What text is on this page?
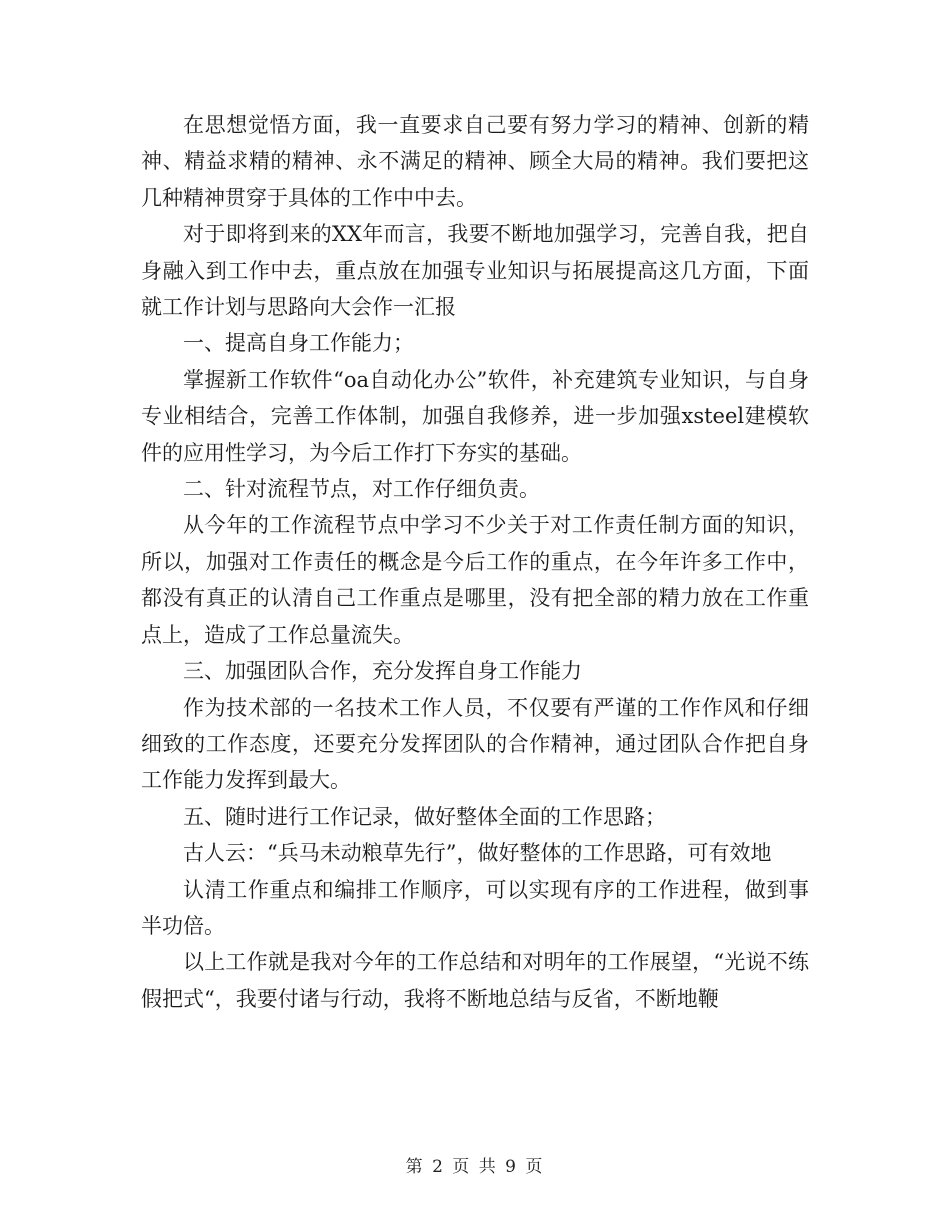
在思想觉悟方面，我一直要求自己要有努力学习的精神、创新的精神、精益求精的精神、永不满足的精神、顾全大局的精神。我们要把这几种精神贯穿于具体的工作中中去。

对于即将到来的XX年而言，我要不断地加强学习，完善自我，把自身融入到工作中去，重点放在加强专业知识与拓展提高这几方面，下面就工作计划与思路向大会作一汇报

一、提高自身工作能力；

掌握新工作软件“oa自动化办公”软件，补充建筑专业知识，与自身专业相结合，完善工作体制，加强自我修养，进一步加强xsteel建模软件的应用性学习，为今后工作打下夯实的基础。

二、针对流程节点，对工作仔细负责。

从今年的工作流程节点中学习不少关于对工作责任制方面的知识，所以，加强对工作责任的概念是今后工作的重点，在今年许多工作中，都没有真正的认清自己工作重点是哪里，没有把全部的精力放在工作重点上，造成了工作总量流失。

三、加强团队合作，充分发挥自身工作能力

作为技术部的一名技术工作人员，不仅要有严谨的工作作风和仔细细致的工作态度，还要充分发挥团队的合作精神，通过团队合作把自身工作能力发挥到最大。

五、随时进行工作记录，做好整体全面的工作思路；

古人云：“兵马未动粮草先行”，做好整体的工作思路，可有效地

认清工作重点和编排工作顺序，可以实现有序的工作进程，做到事半功倍。

以上工作就是我对今年的工作总结和对明年的工作展望，“光说不练假把式“，我要付诸与行动，我将不断地总结与反省，不断地鞭

第 2 页 共 9 页
